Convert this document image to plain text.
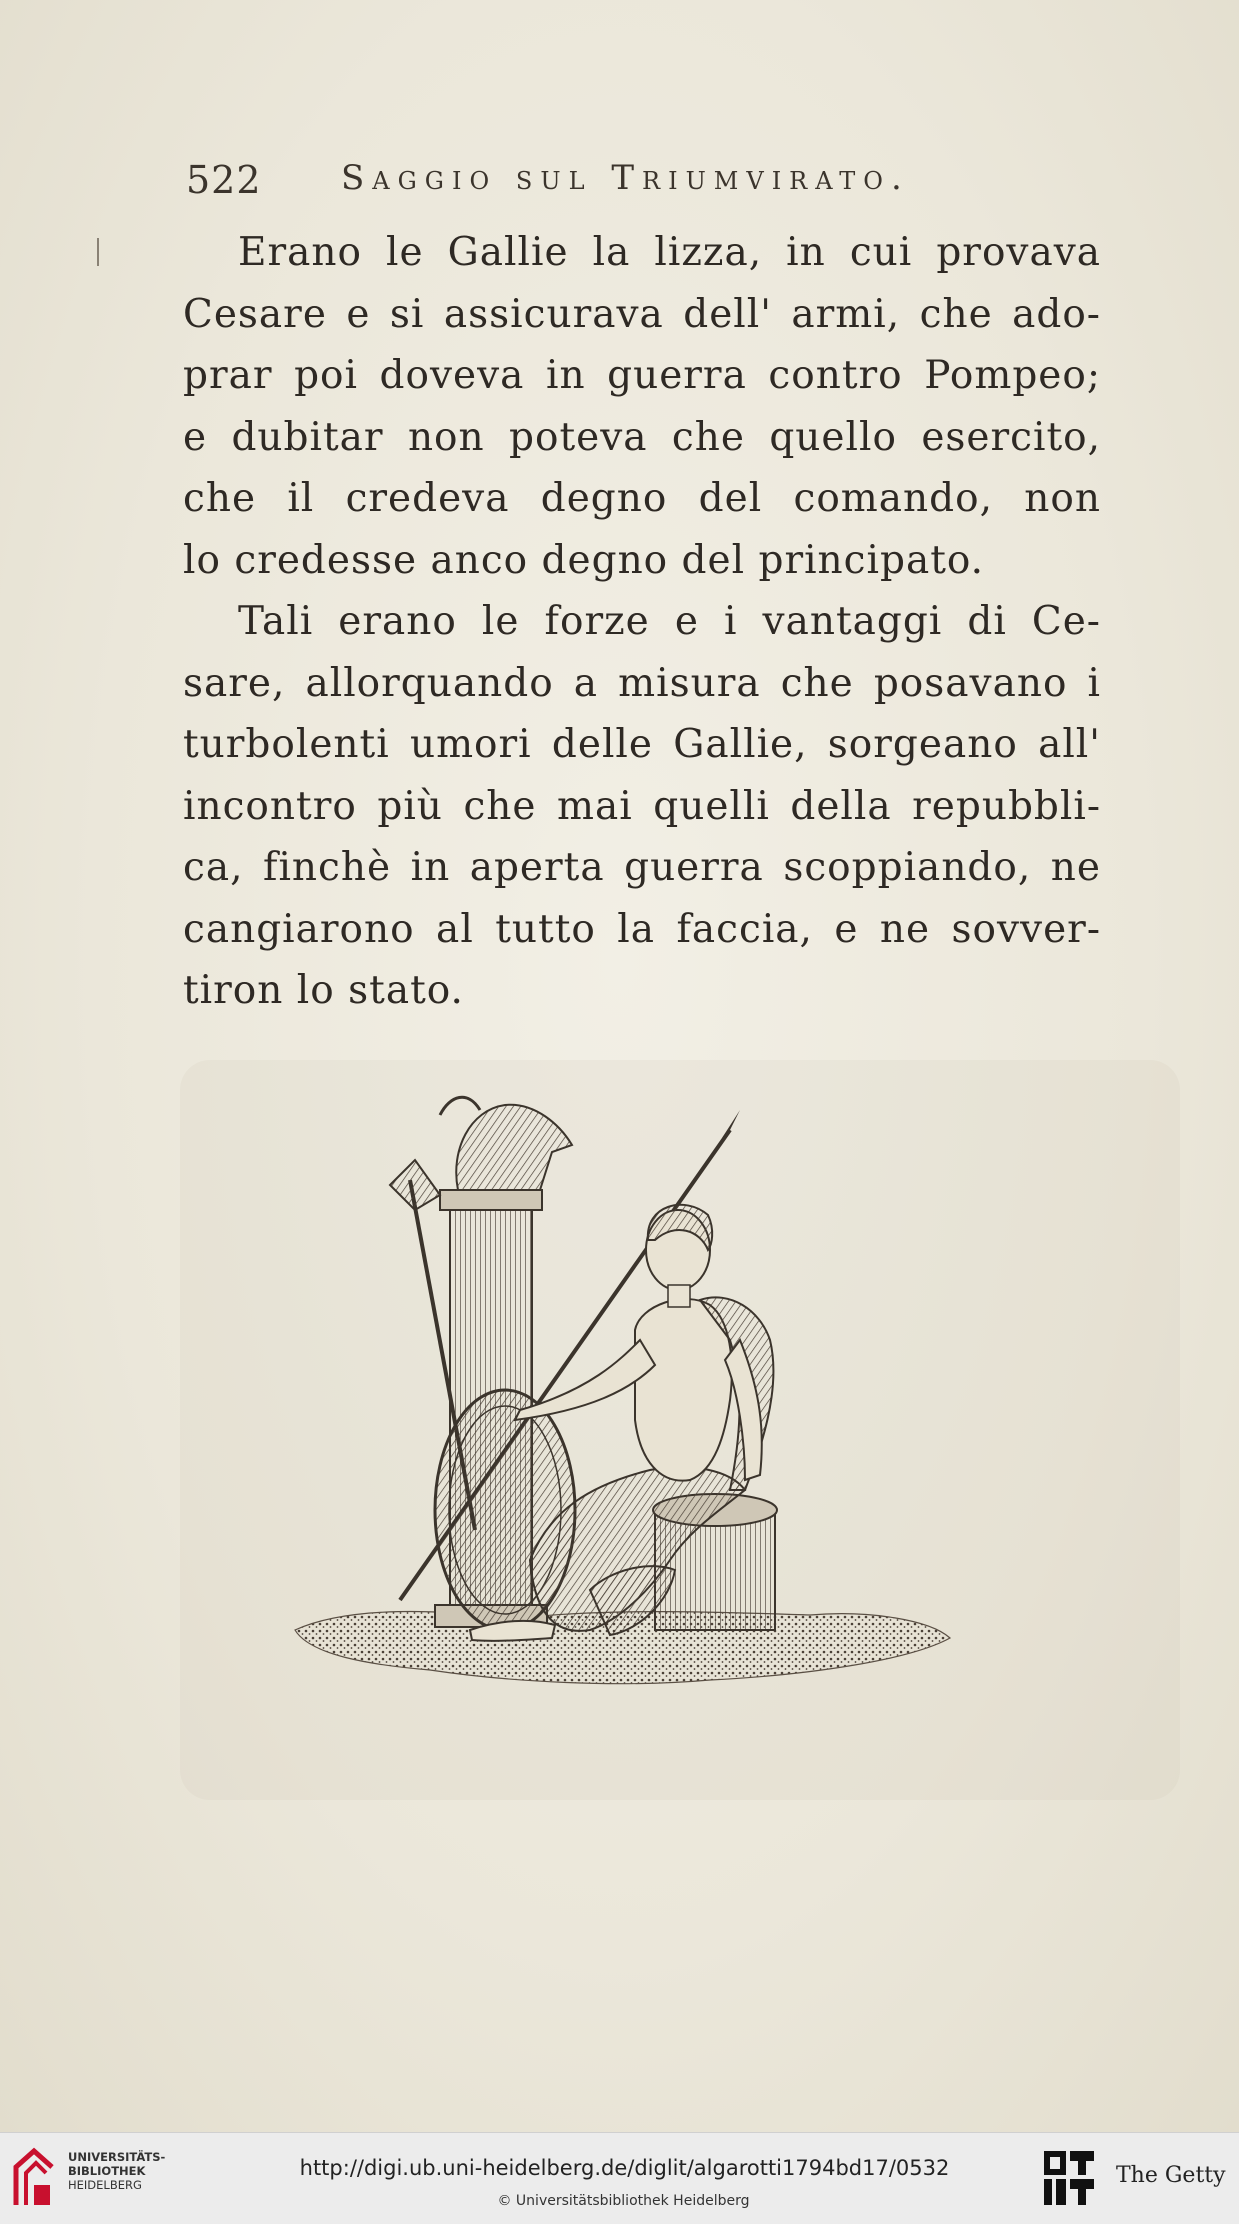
522 Saggio sul Triumvirato.
Erano le Gallie la lizza, in cui provava
Cesare e si assicurava dell' armi, che ado-
prar poi doveva in guerra contro Pompeo;
e dubitar non poteva che quello esercito,
che il credeva degno del comando, non
lo credesse anco degno del principato.
Tali erano le forze e i vantaggi di Ce-
sare, allorquando a misura che posavano i
turbolenti umori delle Gallie, sorgeano all'
incontro più che mai quelli della repubbli-
ca, finchè in aperta guerra scoppiando, ne
cangiarono al tutto la faccia, e ne sovver-
tiron lo stato.
UNIVERSITÄTS-
BIBLIOTHEK
HEIDELBERG
http://digi.ub.uni-heidelberg.de/diglit/algarotti1794bd17/0532
© Universitätsbibliothek Heidelberg
The Getty
